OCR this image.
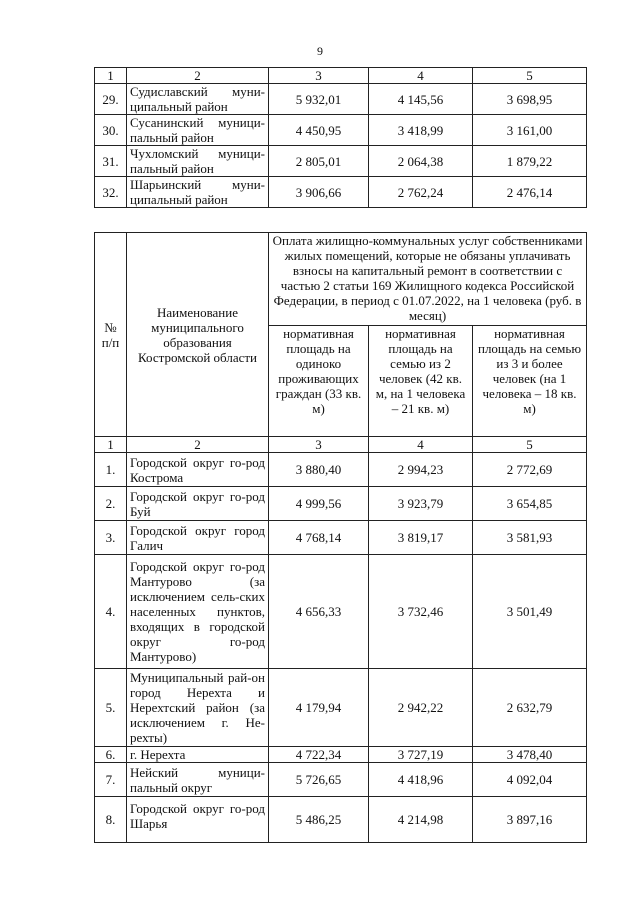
9
1	2	3	4	5
29.	Судиславский муни-ципальный район	5 932,01	4 145,56	3 698,95
30.	Сусанинский муници-пальный район	4 450,95	3 418,99	3 161,00
31.	Чухломский муници-пальный район	2 805,01	2 064,38	1 879,22
32.	Шарьинский муни-ципальный район	3 906,66	2 762,24	2 476,14
№ п/п	Наименование муниципального образования Костромской области	Оплата жилищно-коммунальных услуг собственниками жилых помещений, которые не обязаны уплачивать взносы на капитальный ремонт в соответствии с частью 2 статьи 169 Жилищного кодекса Российской Федерации, в период с 01.07.2022, на 1 человека (руб. в месяц)		
		нормативная площадь на одиноко проживающих граждан (33 кв. м)	нормативная площадь на семью из 2 человек (42 кв. м, на 1 человека – 21 кв. м)	нормативная площадь на семью из 3 и более человек (на 1 человека – 18 кв. м)
1	2	3	4	5
1.	Городской округ го-род Кострома	3 880,40	2 994,23	2 772,69
2.	Городской округ го-род Буй	4 999,56	3 923,79	3 654,85
3.	Городской округ город Галич	4 768,14	3 819,17	3 581,93
4.	Городской округ го-род Мантурово (за исключением сель-ских населенных пунктов, входящих в городской округ го-род Мантурово)	4 656,33	3 732,46	3 501,49
5.	Муниципальный рай-он город Нерехта и Нерехтский район (за исключением г. Не-рехты)	4 179,94	2 942,22	2 632,79
6.	г. Нерехта	4 722,34	3 727,19	3 478,40
7.	Нейский муници-пальный округ	5 726,65	4 418,96	4 092,04
8.	Городской округ го-род Шарья	5 486,25	4 214,98	3 897,16
